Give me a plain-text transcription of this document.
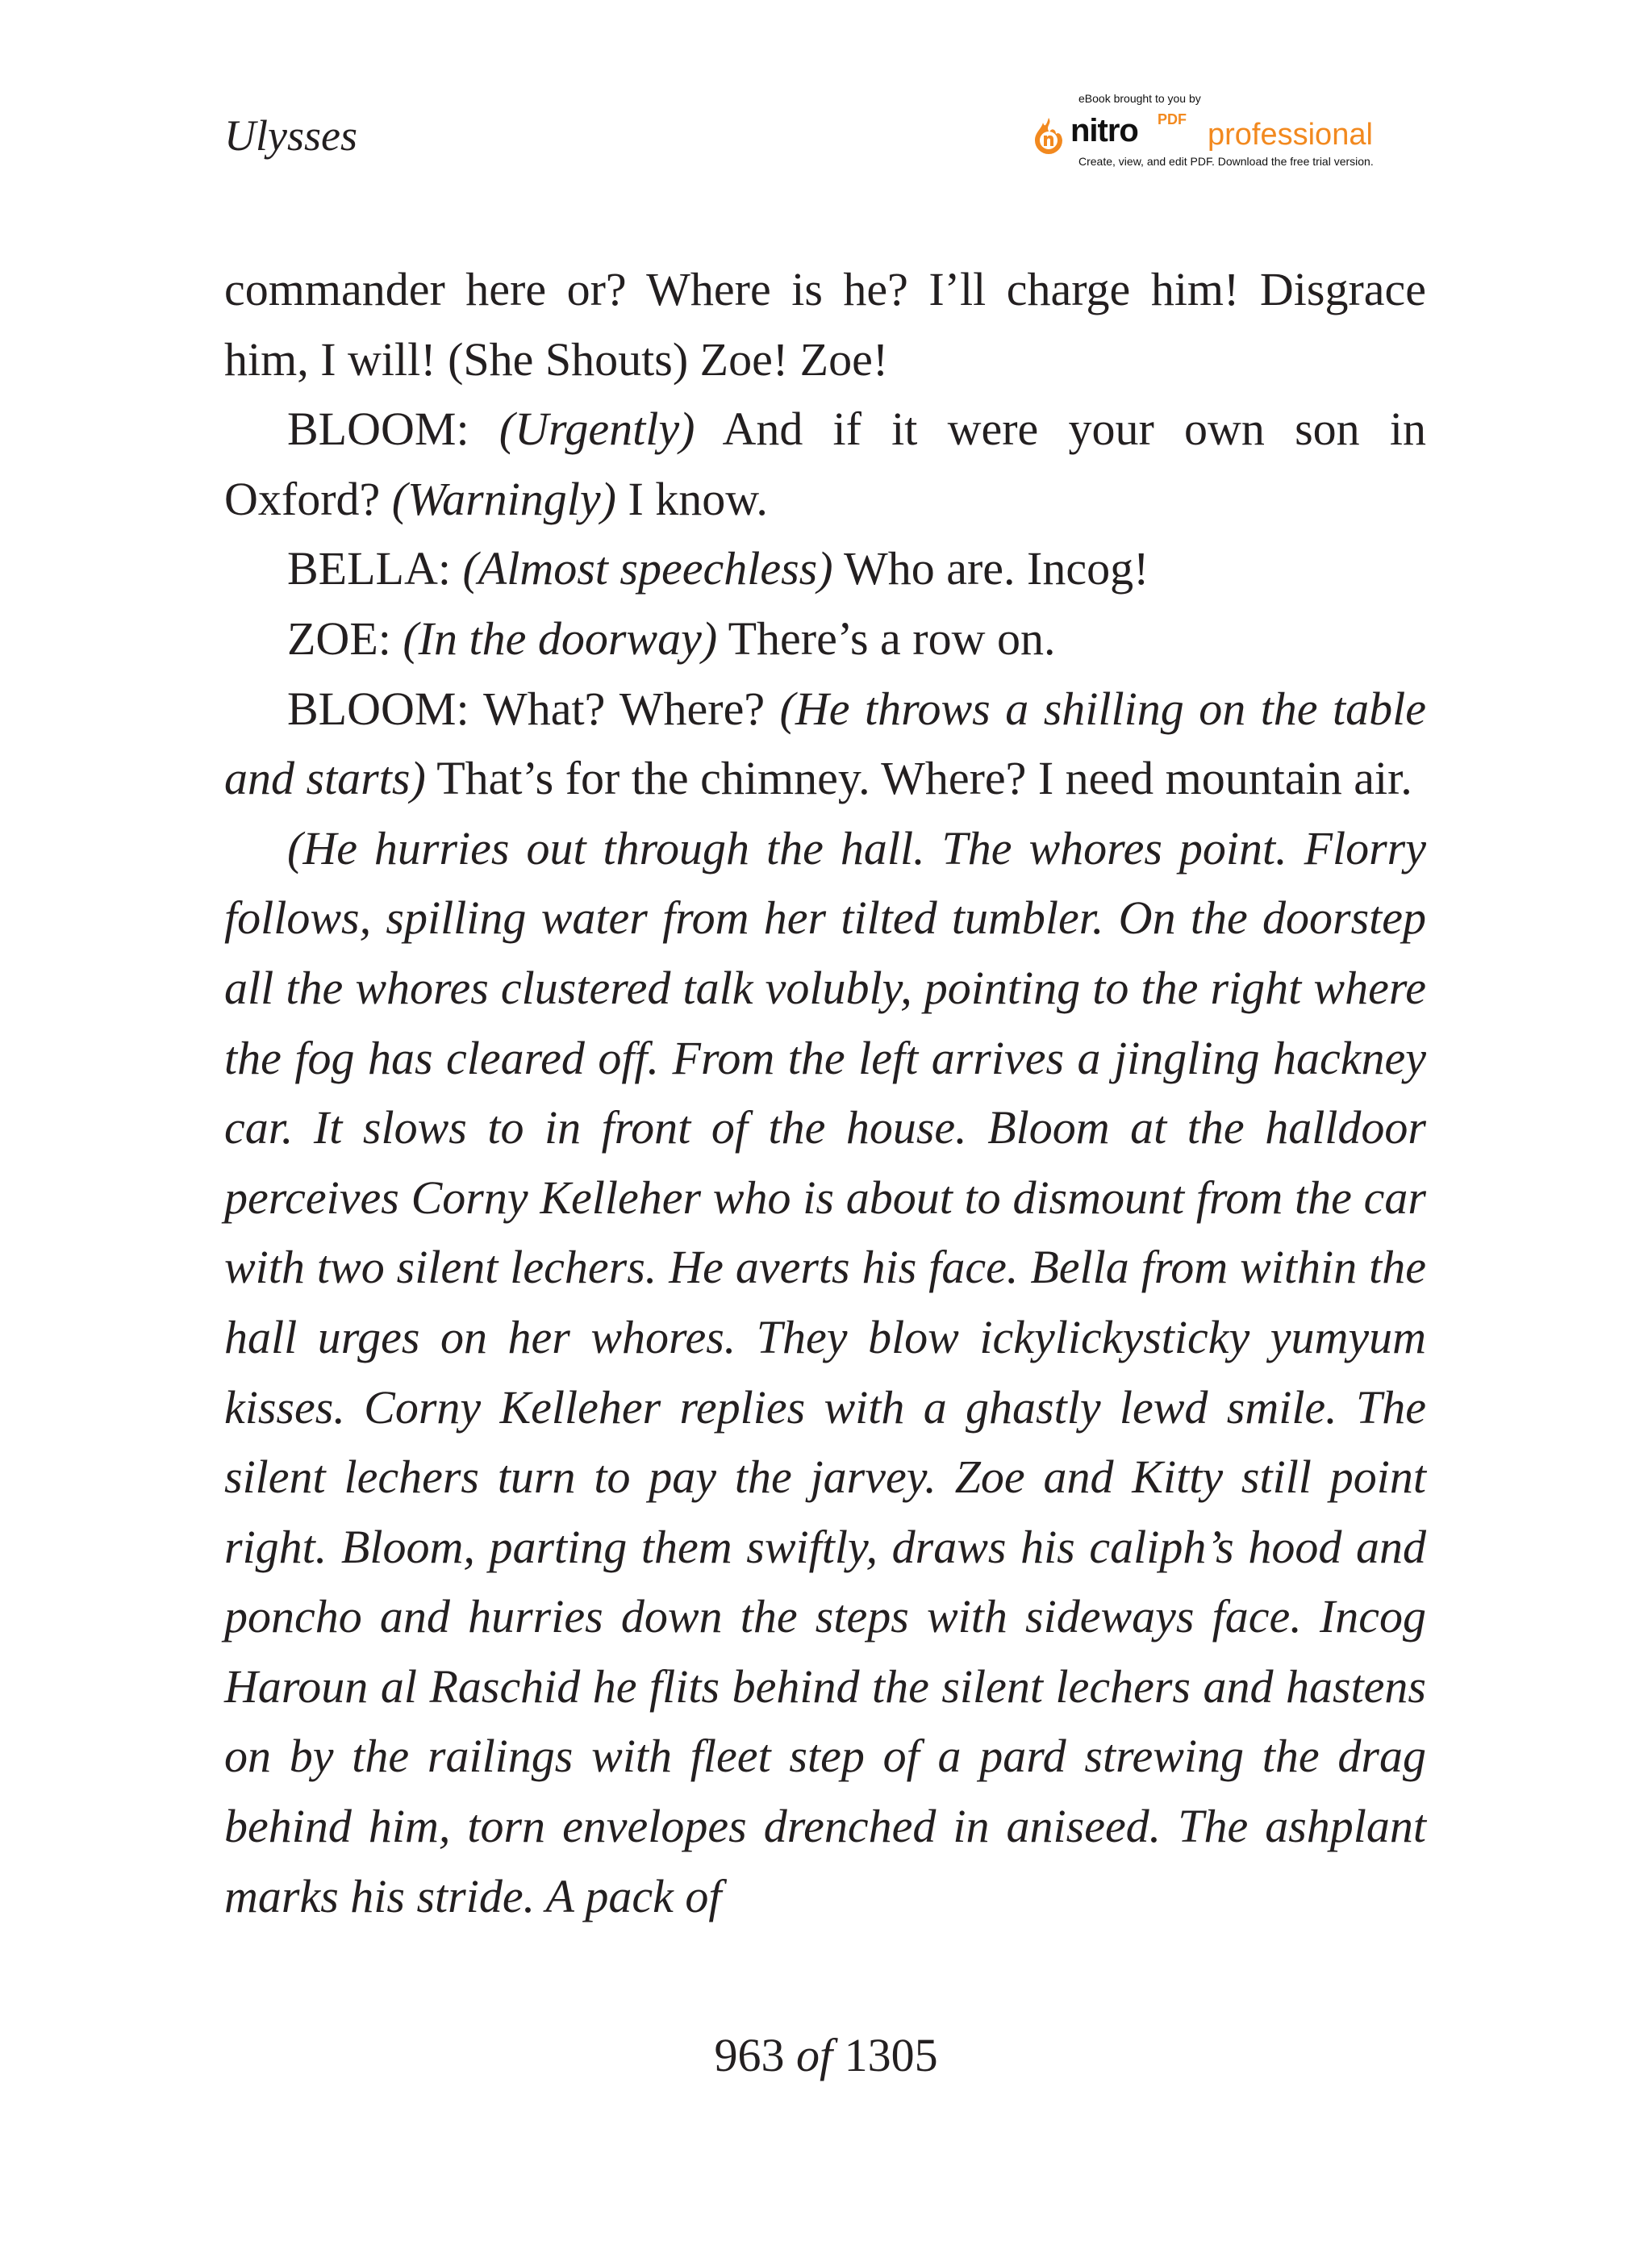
Ulysses
eBook brought to you by
nitro PDF professional
Create, view, and edit PDF. Download the free trial version.

commander here or? Where is he? I’ll charge him! Disgrace him, I will! (She Shouts) Zoe! Zoe!

BLOOM: (Urgently) And if it were your own son in Oxford? (Warningly) I know.

BELLA: (Almost speechless) Who are. Incog!

ZOE: (In the doorway) There’s a row on.

BLOOM: What? Where? (He throws a shilling on the table and starts) That’s for the chimney. Where? I need mountain air.

(He hurries out through the hall. The whores point. Florry follows, spilling water from her tilted tumbler. On the doorstep all the whores clustered talk volubly, pointing to the right where the fog has cleared off. From the left arrives a jingling hackney car. It slows to in front of the house. Bloom at the halldoor perceives Corny Kelleher who is about to dismount from the car with two silent lechers. He averts his face. Bella from within the hall urges on her whores. They blow ickylickysticky yumyum kisses. Corny Kelleher replies with a ghastly lewd smile. The silent lechers turn to pay the jarvey. Zoe and Kitty still point right. Bloom, parting them swiftly, draws his caliph’s hood and poncho and hurries down the steps with sideways face. Incog Haroun al Raschid he flits behind the silent lechers and hastens on by the railings with fleet step of a pard strewing the drag behind him, torn envelopes drenched in aniseed. The ashplant marks his stride. A pack of

963 of 1305
